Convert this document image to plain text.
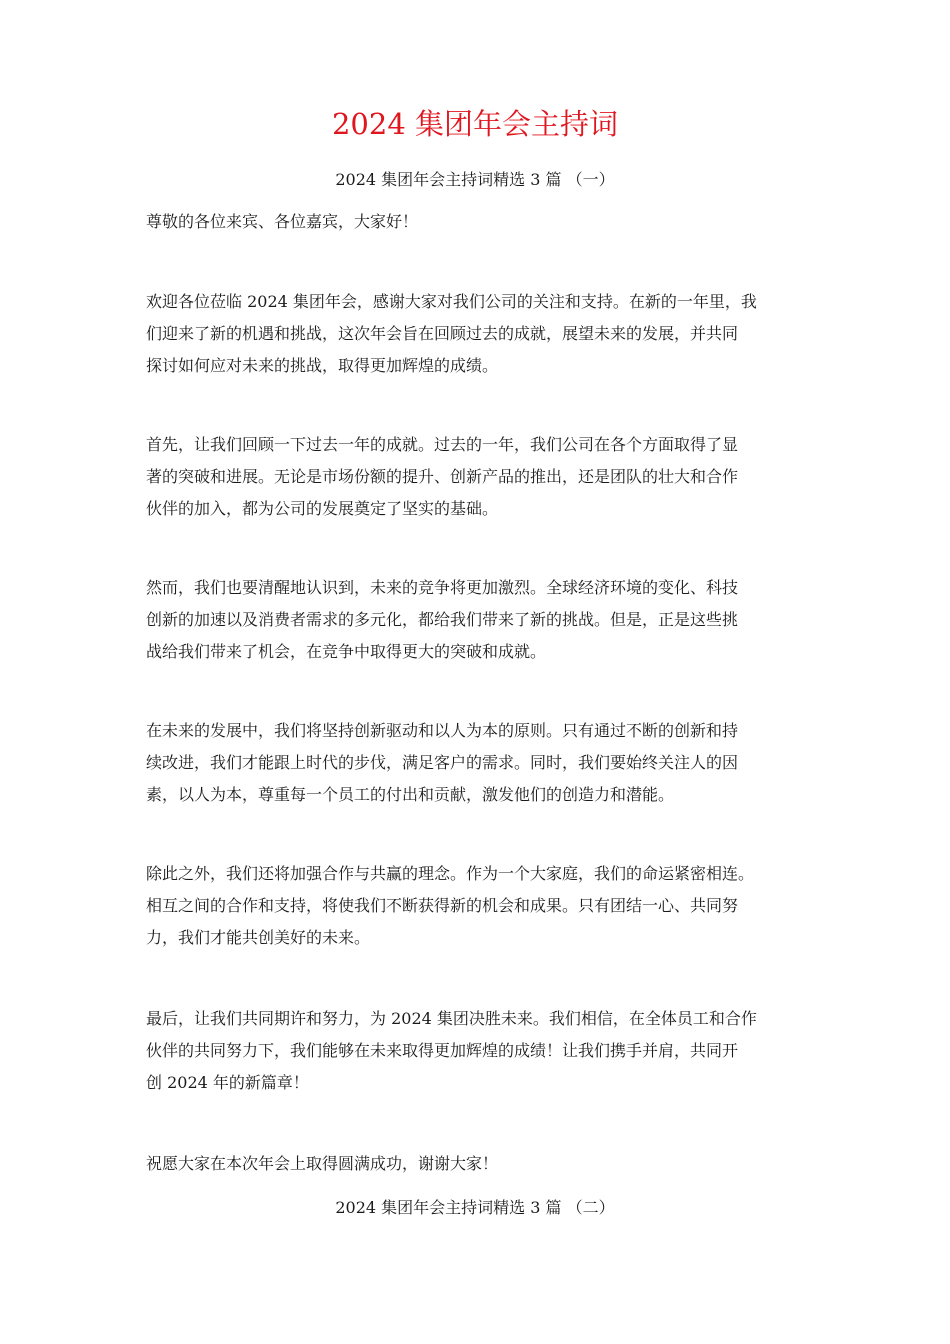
2024 集团年会主持词
2024 集团年会主持词精选 3 篇 （一）

尊敬的各位来宾、各位嘉宾，大家好！

欢迎各位莅临 2024 集团年会，感谢大家对我们公司的关注和支持。在新的一年里，我
们迎来了新的机遇和挑战，这次年会旨在回顾过去的成就，展望未来的发展，并共同
探讨如何应对未来的挑战，取得更加辉煌的成绩。

首先，让我们回顾一下过去一年的成就。过去的一年，我们公司在各个方面取得了显
著的突破和进展。无论是市场份额的提升、创新产品的推出，还是团队的壮大和合作
伙伴的加入，都为公司的发展奠定了坚实的基础。

然而，我们也要清醒地认识到，未来的竞争将更加激烈。全球经济环境的变化、科技
创新的加速以及消费者需求的多元化，都给我们带来了新的挑战。但是，正是这些挑
战给我们带来了机会，在竞争中取得更大的突破和成就。

在未来的发展中，我们将坚持创新驱动和以人为本的原则。只有通过不断的创新和持
续改进，我们才能跟上时代的步伐，满足客户的需求。同时，我们要始终关注人的因
素，以人为本，尊重每一个员工的付出和贡献，激发他们的创造力和潜能。

除此之外，我们还将加强合作与共赢的理念。作为一个大家庭，我们的命运紧密相连。
相互之间的合作和支持，将使我们不断获得新的机会和成果。只有团结一心、共同努
力，我们才能共创美好的未来。

最后，让我们共同期许和努力，为 2024 集团决胜未来。我们相信，在全体员工和合作
伙伴的共同努力下，我们能够在未来取得更加辉煌的成绩！让我们携手并肩，共同开
创 2024 年的新篇章！

祝愿大家在本次年会上取得圆满成功，谢谢大家！

2024 集团年会主持词精选 3 篇 （二）
